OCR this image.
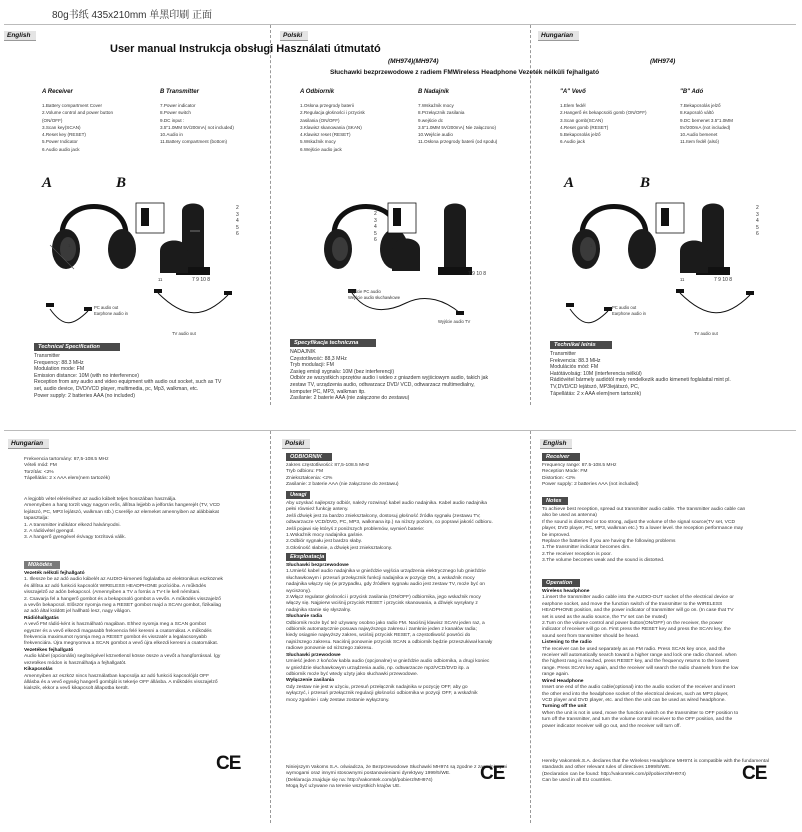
80g书纸 435x210mm 单黑印刷 正面
English	Polski	Hungarian
User manual Instrukcja obsługi Használati útmutató
(MH974)(MH974)	(MH974)
Słuchawki bezprzewodowe z radiem FMWireless Headphone Vezeték nélküli fejhallgató
A Receiver	B Transmitter
1.Battery compartment Cover
2.Volume control and power button
(ON/OFF)
3.Scan key(SCAN)
4.Reset key (RESET)
5.Power Indicator
6.Audio audio jack
7.Power indicator
8.Power switch
9.DC input :
3.5"1.0MM 5V/200mA( not included)
10.Audio in
11.Battery compartment (bottom)
A Odbiornik	B Nadajnik
1.Osłona przegrody baterii
2.Regulacja głośności i przycisk
zasilania (ON/OFF)
3.Klawisz skanowania (SKAN)
4.Klawisz reset (RESET)
5.Wskaźnik mocy
6.Wejście audio jack
7.Wskaźnik mocy
8.Przełącznik zasilania
9.wejście dc
3.5"1.0MM 5V/200mA( Nie załączono)
10.Wejście audio
11.Osłona przegrody baterii (od spodu)
"A" Vevő	"B" Adó
1.Elem fedél
2.Hangerő és bekapcsoló gomb (ON/OFF)
3.Scan gomb(SCAN)
4.Reset gomb (RESET)
5.Bekapcsolás jelző
6.Audio jack
7.Bekapcsolás jelző
8.Kapcsoló váltó
9.DC bemenet 3.5"1.0MM
5V/200mA (not included)
10.Audio bemenet
11.Item fedél (alsó)
A	B
1
11
2
3
4
5
6
7 9 10 8
PC audio out
Earphone audio in
TV audio out
2
3
4
5
6
7 9 10 8
Wyjście PC audio
Wejście audio słuchawkowe
Wyjście audio TV
A	B
1
11
2
3
4
5
6
7 9 10 8
PC audio out
Earphone audio in
TV audio out
Technical Specification
Transmitter
Frequency: 88.3 MHz
Modulation mode: FM
Emission distance: 10M (with no interference)
Reception from any audio and video equipment with audio out socket, such as TV
set, audio device, DVD/VCD player, multimedia, pc, Mp3, walkman, etc.
Power supply: 2 batteries AAA (no included)
Specyfikacja techniczna
NADAJNIK
Częstotliwość: 88,3 MHz
Tryb modulacji: FM
Zasięg emisji sygnału: 10M (bez interferencji)
Odbiór ze wszystkich sprzętów audio i wideo z gniazdem wyjściowym audio, takich jak
zestaw TV, urządzenia audio, odtwarzacz DVD/ VCD, odtwarzacz multimedialny,
komputer PC, MP3, walkman itp.
Zasilanie: 2 baterie AAA (nie załączone do zestawu)
Technikai leírás
Transmitter
Frekvencia: 88.3 MHz
Modulációs mód: FM
Hatótávolság: 10M (interferencia nélkül)
Rádióvétel bármely audiótól mely rendelkezik audio kimeneti foglalattal mint pl.
TV,DVD/CD lejátszó, MP3lejátszó, PC,
Tápellátás: 2 x AAA elem(nem tartozék)
Hungarian	Polski	English
Frekvencia tartomány: 87,5-108.5 MHz
Vételi mód: FM
Torzítás: <2%
Tápellátás: 2 x AAA elem(nem tartozék)
A legjobb vétel eléréséhez az audio kábelt teljes hosszában használja.
Amennyiben a hang torzít vagy nagyon erős, állítsa lejjebb a jelforrás hangerejét (TV, VCD
lejátszó, PC, MP3 lejátszó, walkman stb.) Cserélje az elemeket amennyiben az alábbiakat
tapasztalja:
1. A transmitter indikátor elkezd halványodni.
2. A rádióvétel gyengül.
3. A hangerő gyengével és/vagy torzítová válik.
Működés
Vezeték nélküli fejhallgató
1. Illessze be az adó audio kábelét az AUDIO-kimeneti foglalatba az elektronikus eszköznek
és állítsa az adó funkció kapcsolót WIRELESS HEADPHONE pozícióba. A működés
visszajelző az adón bekapcsol. (Amennyiben a TV a forrás a TV-t le kell némítani.
2. Csavarja fel a hangerő gombot és a bekapcsoló gombot a vevőn. A működés visszajelző
a vevőn bekapcsol. Először nyomja meg a RESET gombot majd a SCAN gombot, fizikailag
az adó által küldött jel hallható lesz, nagy világon.
Rádióhallgatás
A vevő FM rádió-ként is használható magában. Ehhez nyomja meg a SCAN gombot
egyszer és a vevő elkezdi magasabb frekvencia felé keresni a csatornákat. A működés
frekvencia maximumot nyomja meg a RESET gombot és visszatér a legalacsonyabb
frekvenciára. Újra megnyomva a SCAN gombot a vevő újra elkezdi keresni a csatornákat.
Vezetékes fejhallgató
Audio kábel (opcionális) segítségével közvetlenül kösse össze a vevőt a hangforrással. Így
vezetékes módon is használhatja a fejhallgatót.
Kikapcsolás
Amennyiben az eszköz nincs használatban kapcsolja az adó funkció kapcsolóját OFF
állásba és a vevő egység hangerő gombját is tekerje OFF állásba. A működés visszajelző
kialszik, ekkor a vevő kikapcsolt állapotba került.
ODBIORNIK
zakres częstotliwości: 87,5-108.5 MHz
Tryb odbioru: FM
Zniekształcenia: <2%
Zasilanie: 2 baterie AAA (nie załączone do zestawu)
Uwagi
Aby uzyskać najlepszy odbiór, należy rozwinąć kabel audio nadajnika. Kabel audio nadajnika
pełni również funkcję anteny.
Jeśli dźwięk jest za bardzo zniekształcony, dostosuj głośność źródła sygnału (zestawu TV,
odtwarzacze VCD/DVD, PC, MP3, walkmana itp.) na niższy poziom, co poprawi jakość odbioru.
Jeśli pojawi się któryś z poniższych problemów, wymień baterie:
1.Wskaźnik mocy nadajnika gaśnie.
2.Odbiór sygnału jest bardzo słaby.
3.Głośność słabnie, a dźwięk jest zniekształcony.
Eksploatacja
Słuchawki bezprzewodowe
1.Umieść kabel audio nadajnika w gnieździe wyjścia urządzenia elektrycznego lub gnieździe
słuchawkowym i przesuń przełącznik funkcji nadajnika w pozycję ON, a wskaźnik mocy
nadajnika włączy się (w przypadku, gdy źródłem sygnału audio jest zestaw TV, może być on
wyciszony).
2.Włącz regulator głośności i przycisk zasilania (ON/OFF) odbiornika, jego wskaźnik mocy
włączy się. Najpierw wciśnij przycisk RESET i przycisk skanowania, a dźwięk wysyłany z
nadajnika stanie się słyszalny.
Słuchanie radia
Odbiornik może być też używany osobno jako radio FM. Naciśnij klawisz SCAN jeden raz, a
odbiornik automatycznie posuwa najwyższego zakresu i zamknie jeden z kanałów radia;
kiedy osiągnie najwyższy zakres, wciśnij przycisk RESET, a częstotliwość powróci do
najniższego zakresu. Naciśnij ponownie przycisk SCAN a odbiornik będzie przeszukiwał kanały
radiowe ponownie od niższego zakresu.
Słuchawki przewodowe
Umieść jeden z końców kabla audio (opcjonalne) w gnieździe audio odbiornika, a drugi koniec
w gnieździe słuchawkowym urządzenia audio, np. odtwarzacze mp3/VCD/DVD itp. a
odbiornik może być wtedy użyty jako słuchawki przewodowe.
Wyłączenie zasilania
Gdy zestaw nie jest w użyciu, przesuń przełącznik nadajnika w pozycję OFF, aby go
wyłączyć, i przesuń przełącznik regulacji głośności odbiornika w pozycji OFF, a wskaźnik
mocy zgaśnie i cały zestaw zostanie wyłączony.
Niniejszym Vakoms S.A. oświadcza, że Bezprzewodowe Słuchawki MH974 są zgodne z zasadniczymi
wymogami oraz innymi stosownymi postanowieniami dyrektywy 1999/5/WE.
(Deklaracja znajduje się na: http://vakomtek.com/pl/pobierz/MH974)
Mogą być używane na terenie wszystkich krajów UE.
Receiver
Frequency range: 87.5-108.5 MHz
Reception Mode: FM
Distortion: <2%
Power supply: 2 batteries AAA (not included)
Notes
To achieve best reception, spread out transmitter audio cable. The transmitter audio cable can
also be used as antenna)
If the sound is distorted or too strong, adjust the volume of the signal source(TV set, VCD
player, DVD player, PC, MP3, walkman etc.) To a lower level. the reception performance may
be improved.
Replace the batteries if you are having the following problems
1.The transmitter indicator becomes dim.
2.The receiver reception is poor.
3.The volume becomes weak and the sound is distorted.
Operation
Wireless headphone
1.insert the transmitter audio cable into the AUDIO-OUT socket of the electrical device or
earphone socket, and move the function switch of the transmitter to the WIRELESS
HEADPHONE position, and the power indicator of transmitter will go on. (In case that TV
set is used as the audio source, the TV set can be muted)
2.Turn on the volume control and power button(ON/OFF) on the receiver, the power
indicator of receiver will go on. First press the RESET key and press the SCAN key, the
sound sent from transmitter should be heard.
Listening to the radio
The receiver can be used separately as an FM radio. Press SCAN key once, and the
receiver will automatically search toward a higher range and lock one radio channel. when
the highest rang is reached, press RESET key, and the frequency returns to the lowest
range. Press SCAN key again, and the receiver will search the radio channels from the low
range again.
Wired Headphone
Insert one end of the audio cable(optional) into the audio socket of the receiver and insert
the other end into the headphone socket of the electrical devices, such as MP3 player,
VCD player and DVD player, etc. and then the unit can be used as wired headphone.
Turning off the unit
When the unit is not in used, move the function switch on the transmitter to OFF position to
turn off the transmitter, and turn the volume control receiver to the OFF position, and the
power indicator receiver will go out, and the receiver will turn off.
Hereby Vakomtek.S.A. declares that the Wireless Headphone MH974 is compatible with the fundamental
standards and other relevant rules of directives 1999/5/WE.
(Declaration can be found: http://vakomtek.com/pl/pobierz/MH974)
Can be used in all EU countries.
CE	CE	CE
